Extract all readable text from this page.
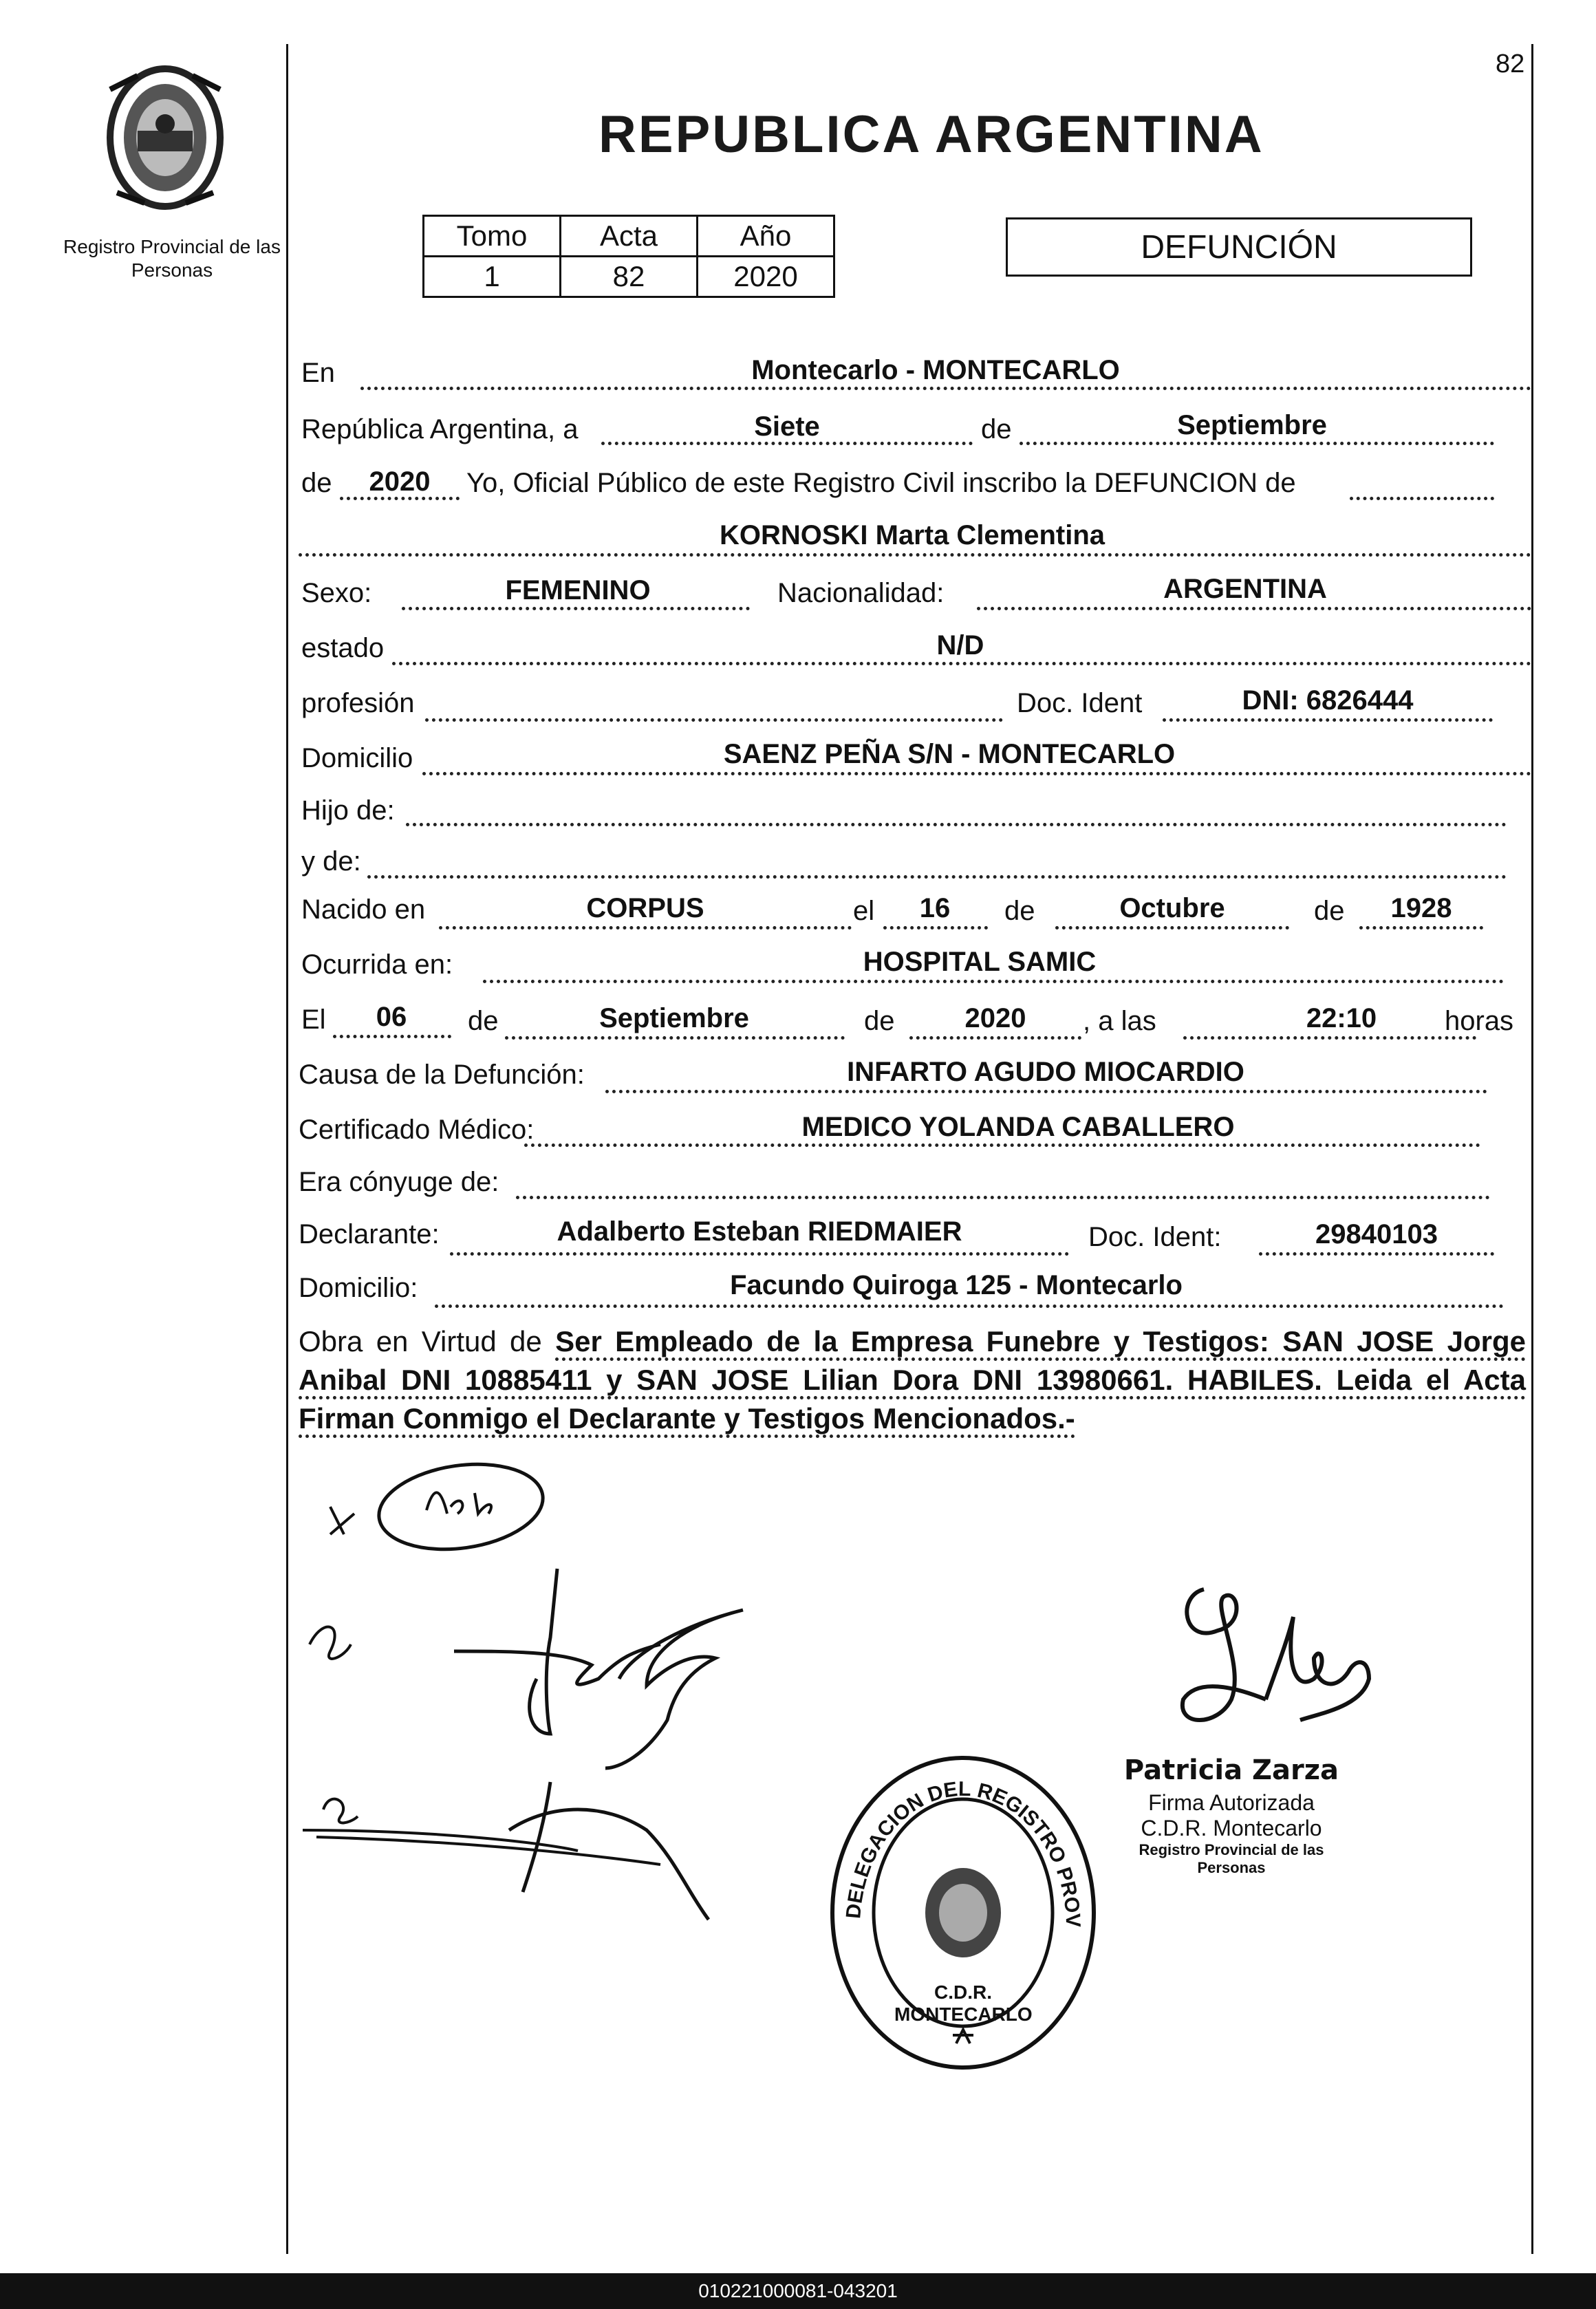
82
Registro Provincial de las Personas
REPUBLICA ARGENTINA
Tomo	Acta	Año
1	82	2020
DEFUNCIÓN
En	Montecarlo - MONTECARLO
República Argentina, a	Siete	de	Septiembre
de	2020	Yo, Oficial Público de este Registro Civil inscribo la DEFUNCION de
KORNOSKI Marta Clementina
Sexo:	FEMENINO	Nacionalidad:	ARGENTINA
estado	N/D
profesión	Doc. Ident	DNI: 6826444
Domicilio	SAENZ PEÑA S/N - MONTECARLO
Hijo de:
y de:
Nacido en	CORPUS	el	16	de	Octubre	de	1928
Ocurrida en:	HOSPITAL SAMIC
El	06	de	Septiembre	de	2020	, a las	22:10	horas
Causa de la Defunción:	INFARTO AGUDO MIOCARDIO
Certificado Médico:	MEDICO YOLANDA CABALLERO
Era cónyuge de:
Declarante:	Adalberto Esteban RIEDMAIER	Doc. Ident:	29840103
Domicilio:	Facundo Quiroga 125 - Montecarlo
Obra en Virtud de Ser Empleado de la Empresa Funebre y Testigos: SAN JOSE Jorge Anibal DNI 10885411 y SAN JOSE Lilian Dora DNI 13980661. HABILES. Leida el Acta Firman Conmigo el Declarante y Testigos Mencionados.-
Patricia Zarza
Firma Autorizada
C.D.R. Montecarlo
Registro Provincial de las Personas
DELEGACION DEL REGISTRO PROV
C.D.R. MONTECARLO
010221000081-043201
